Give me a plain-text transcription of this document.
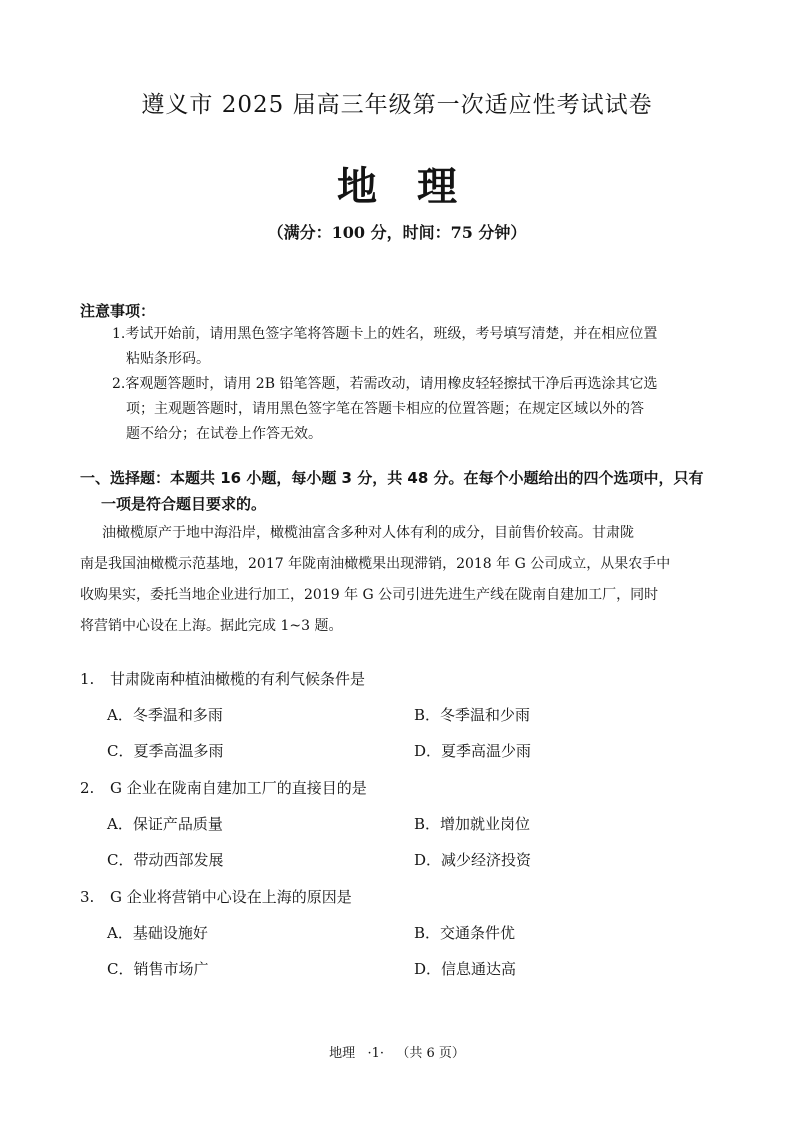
遵义市 2025 届高三年级第一次适应性考试试卷
地理
（满分：100 分，时间：75 分钟）
注意事项：
1.考试开始前，请用黑色签字笔将答题卡上的姓名，班级，考号填写清楚，并在相应位置
粘贴条形码。
2.客观题答题时，请用 2B 铅笔答题，若需改动，请用橡皮轻轻擦拭干净后再选涂其它选
项；主观题答题时，请用黑色签字笔在答题卡相应的位置答题；在规定区域以外的答
题不给分；在试卷上作答无效。
一、选择题：本题共 16 小题，每小题 3 分，共 48 分。在每个小题给出的四个选项中，只有
一项是符合题目要求的。
油橄榄原产于地中海沿岸，橄榄油富含多种对人体有利的成分，目前售价较高。甘肃陇
南是我国油橄榄示范基地，2017 年陇南油橄榄果出现滞销，2018 年 G 公司成立，从果农手中
收购果实，委托当地企业进行加工，2019 年 G 公司引进先进生产线在陇南自建加工厂，同时
将营销中心设在上海。据此完成 1~3 题。
1. 甘肃陇南种植油橄榄的有利气候条件是
A．冬季温和多雨	B．冬季温和少雨
C．夏季高温多雨	D．夏季高温少雨
2. G 企业在陇南自建加工厂的直接目的是
A．保证产品质量	B．增加就业岗位
C．带动西部发展	D．减少经济投资
3. G 企业将营销中心设在上海的原因是
A．基础设施好	B．交通条件优
C．销售市场广	D．信息通达高
地理   ·1·   （共 6 页）
